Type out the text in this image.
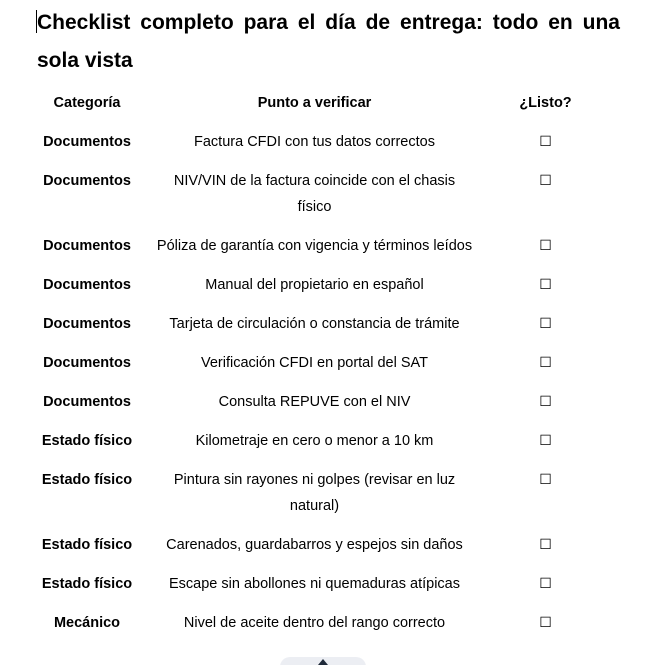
Checklist completo para el día de entrega: todo en una sola vista
Categoría	Punto a verificar	¿Listo?
Documentos	Factura CFDI con tus datos correctos	☐
Documentos	NIV/VIN de la factura coincide con el chasis físico	☐
Documentos	Póliza de garantía con vigencia y términos leídos	☐
Documentos	Manual del propietario en español	☐
Documentos	Tarjeta de circulación o constancia de trámite	☐
Documentos	Verificación CFDI en portal del SAT	☐
Documentos	Consulta REPUVE con el NIV	☐
Estado físico	Kilometraje en cero o menor a 10 km	☐
Estado físico	Pintura sin rayones ni golpes (revisar en luz natural)	☐
Estado físico	Carenados, guardabarros y espejos sin daños	☐
Estado físico	Escape sin abollones ni quemaduras atípicas	☐
Mecánico	Nivel de aceite dentro del rango correcto	☐
